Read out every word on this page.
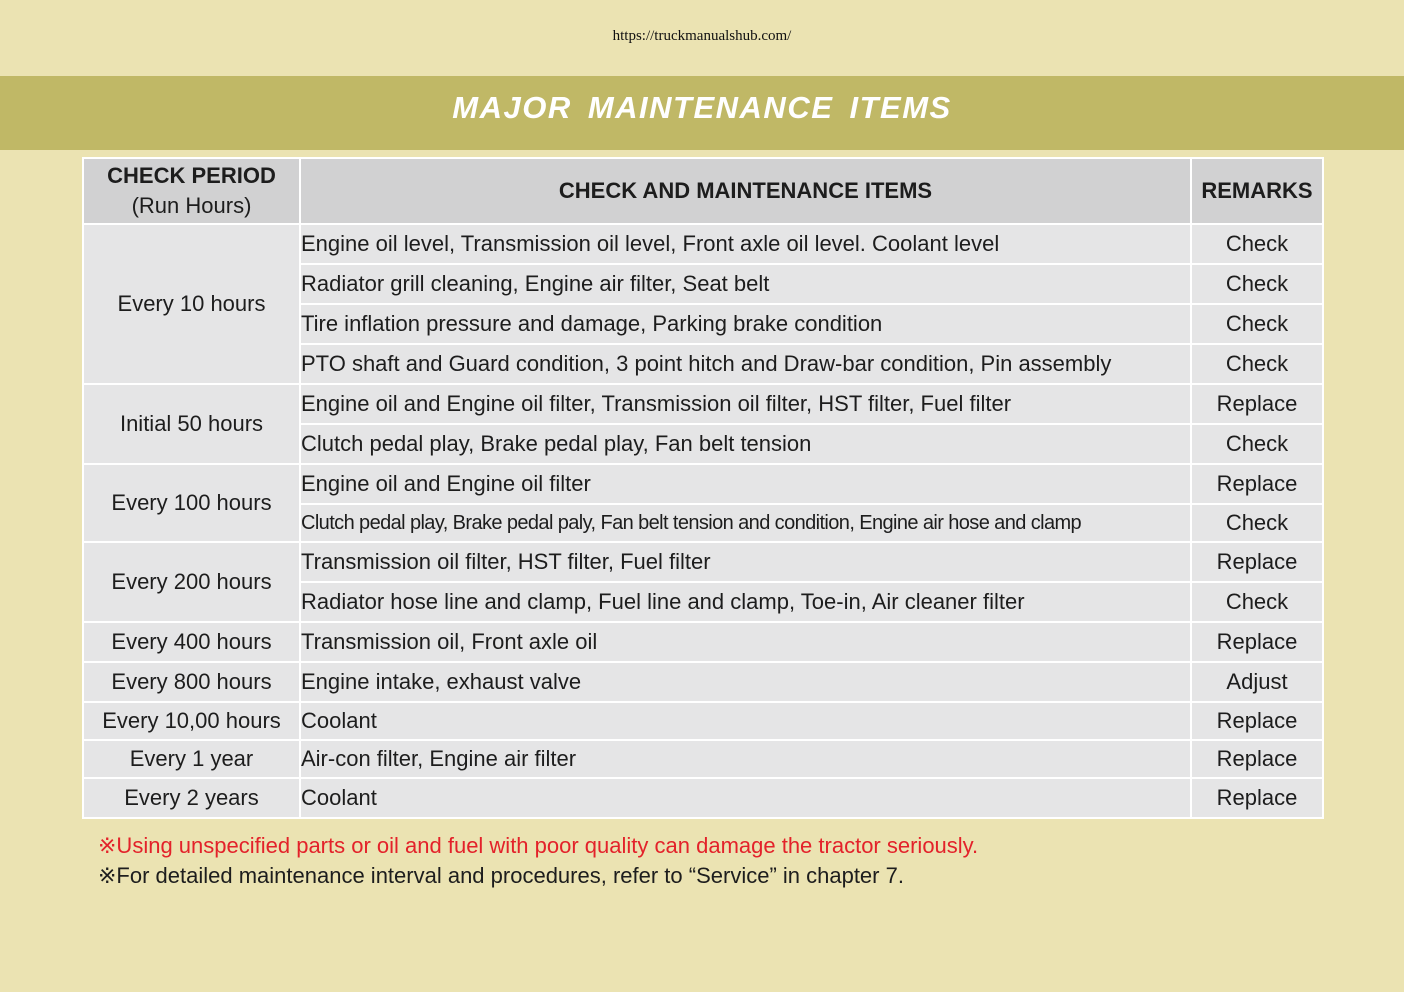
https://truckmanualshub.com/
MAJOR MAINTENANCE ITEMS
CHECK PERIOD
(Run Hours)	CHECK AND MAINTENANCE ITEMS	REMARKS
Every 10 hours	Engine oil level, Transmission oil level, Front axle oil level. Coolant level	Check
	Radiator grill cleaning, Engine air filter, Seat belt	Check
	Tire inflation pressure and damage, Parking brake condition	Check
	PTO shaft and Guard condition, 3 point hitch and Draw-bar condition, Pin assembly	Check
Initial 50 hours	Engine oil and Engine oil filter, Transmission oil filter, HST filter, Fuel filter	Replace
	Clutch pedal play, Brake pedal play, Fan belt tension	Check
Every 100 hours	Engine oil and Engine oil filter	Replace
	Clutch pedal play, Brake pedal paly, Fan belt tension and condition, Engine air hose and clamp	Check
Every 200 hours	Transmission oil filter, HST filter, Fuel filter	Replace
	Radiator hose line and clamp, Fuel line and clamp, Toe-in, Air cleaner filter	Check
Every 400 hours	Transmission oil, Front axle oil	Replace
Every 800 hours	Engine intake, exhaust valve	Adjust
Every 10,00 hours	Coolant	Replace
Every 1 year	Air-con filter, Engine air filter	Replace
Every 2 years	Coolant	Replace
※Using unspecified parts or oil and fuel with poor quality can damage the tractor seriously.
※For detailed maintenance interval and procedures, refer to “Service” in chapter 7.
